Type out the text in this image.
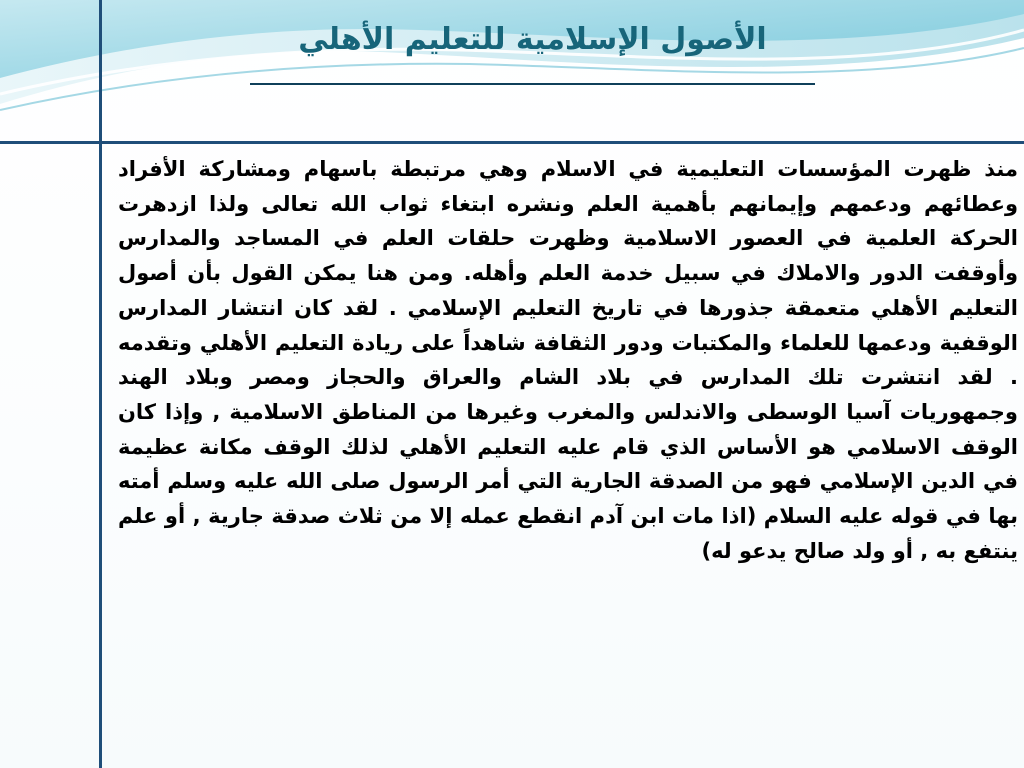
الأصول الإسلامية للتعليم الأهلي

منذ ظهرت المؤسسات التعليمية في الاسلام وهي مرتبطة باسهام ومشاركة الأفراد وعطائهم ودعمهم وإيمانهم بأهمية العلم ونشره ابتغاء ثواب الله تعالى ولذا ازدهرت الحركة العلمية في العصور الاسلامية وظهرت حلقات العلم في المساجد والمدارس وأوقفت الدور والاملاك في سبيل خدمة العلم وأهله. ومن هنا يمكن القول بأن أصول التعليم الأهلي متعمقة جذورها في تاريخ التعليم الإسلامي . لقد كان انتشار المدارس الوقفية ودعمها للعلماء والمكتبات ودور الثقافة شاهداً على ريادة التعليم الأهلي وتقدمه . لقد انتشرت تلك المدارس في بلاد الشام والعراق والحجاز ومصر وبلاد الهند وجمهوريات آسيا الوسطى والاندلس والمغرب وغيرها من المناطق الاسلامية , وإذا كان الوقف الاسلامي هو الأساس الذي قام عليه التعليم الأهلي لذلك الوقف مكانة عظيمة في الدين الإسلامي فهو من الصدقة الجارية التي أمر الرسول صلى الله عليه وسلم أمته بها في قوله عليه السلام (اذا مات ابن آدم انقطع عمله إلا من ثلاث صدقة جارية , أو علم ينتفع به , أو ولد صالح يدعو له)
